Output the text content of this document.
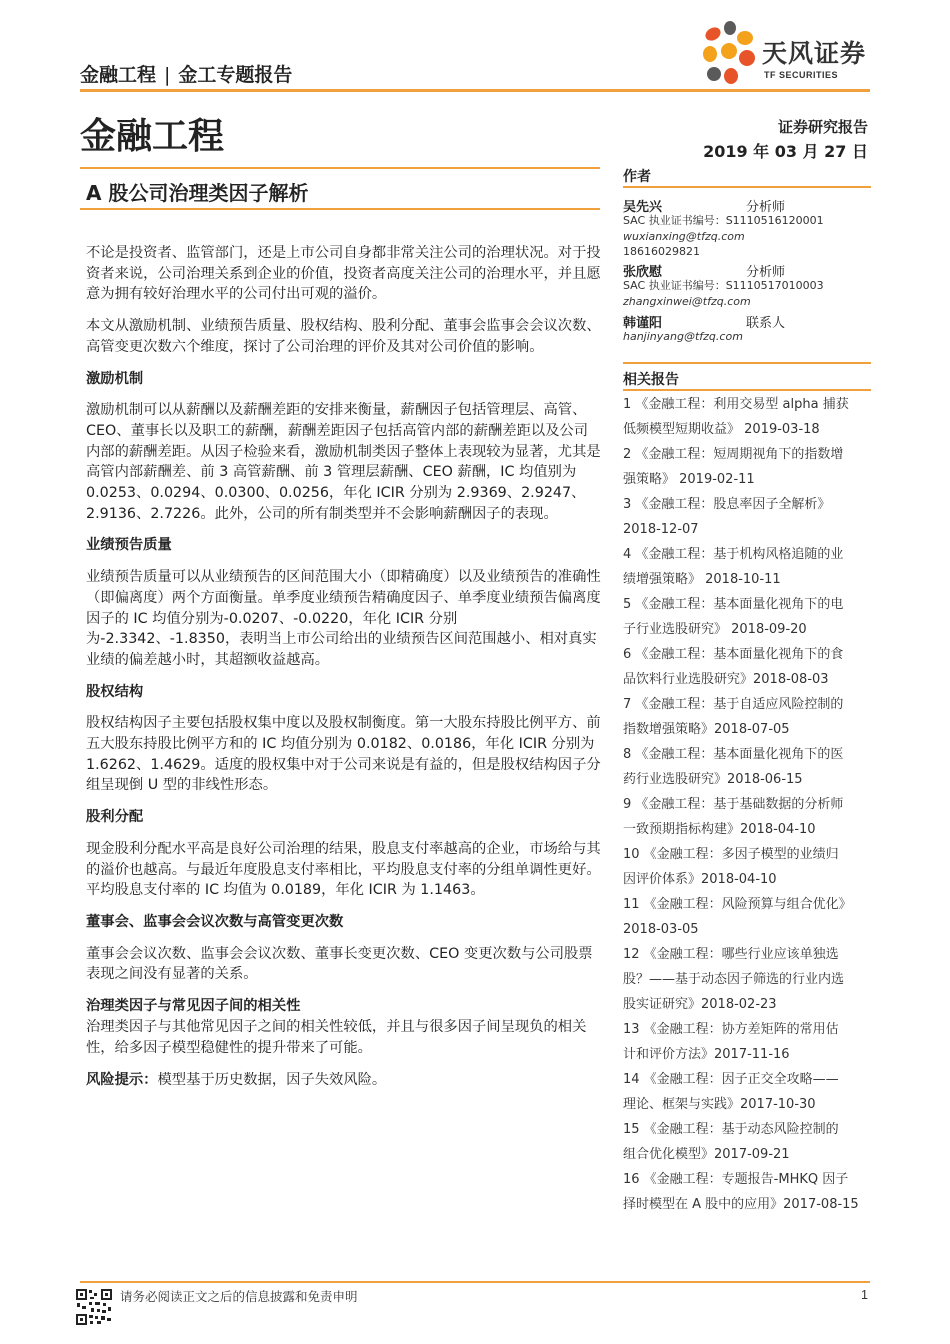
金融工程 | 金工专题报告
天风证券
TF SECURITIES
金融工程	证券研究报告
2019 年 03 月 27 日
A 股公司治理类因子解析

不论是投资者、监管部门，还是上市公司自身都非常关注公司的治理状况。对于投资者来说，公司治理关系到企业的价值，投资者高度关注公司的治理水平，并且愿意为拥有较好治理水平的公司付出可观的溢价。

本文从激励机制、业绩预告质量、股权结构、股利分配、董事会监事会会议次数、高管变更次数六个维度，探讨了公司治理的评价及其对公司价值的影响。

激励机制

激励机制可以从薪酬以及薪酬差距的安排来衡量，薪酬因子包括管理层、高管、CEO、董事长以及职工的薪酬，薪酬差距因子包括高管内部的薪酬差距以及公司内部的薪酬差距。从因子检验来看，激励机制类因子整体上表现较为显著，尤其是高管内部薪酬差、前 3 高管薪酬、前 3 管理层薪酬、CEO 薪酬，IC 均值别为 0.0253、0.0294、0.0300、0.0256，年化 ICIR 分别为 2.9369、2.9247、2.9136、2.7226。此外，公司的所有制类型并不会影响薪酬因子的表现。

业绩预告质量

业绩预告质量可以从业绩预告的区间范围大小（即精确度）以及业绩预告的准确性（即偏离度）两个方面衡量。单季度业绩预告精确度因子、单季度业绩预告偏离度因子的 IC 均值分别为-0.0207、-0.0220，年化 ICIR 分别为-2.3342、-1.8350，表明当上市公司给出的业绩预告区间范围越小、相对真实业绩的偏差越小时，其超额收益越高。

股权结构

股权结构因子主要包括股权集中度以及股权制衡度。第一大股东持股比例平方、前五大股东持股比例平方和的 IC 均值分别为 0.0182、0.0186，年化 ICIR 分别为 1.6262、1.4629。适度的股权集中对于公司来说是有益的，但是股权结构因子分组呈现倒 U 型的非线性形态。

股利分配

现金股利分配水平高是良好公司治理的结果，股息支付率越高的企业，市场给与其的溢价也越高。与最近年度股息支付率相比，平均股息支付率的分组单调性更好。平均股息支付率的 IC 均值为 0.0189，年化 ICIR 为 1.1463。

董事会、监事会会议次数与高管变更次数

董事会会议次数、监事会会议次数、董事长变更次数、CEO 变更次数与公司股票表现之间没有显著的关系。

治理类因子与常见因子间的相关性

治理类因子与其他常见因子之间的相关性较低，并且与很多因子间呈现负的相关性，给多因子模型稳健性的提升带来了可能。

风险提示：模型基于历史数据，因子失效风险。

作者
吴先兴	分析师
SAC 执业证书编号：S1110516120001
wuxianxing@tfzq.com
18616029821
张欣慰	分析师
SAC 执业证书编号：S1110517010003
zhangxinwei@tfzq.com
韩谨阳	联系人
hanjinyang@tfzq.com
相关报告
1 《金融工程：利用交易型 alpha 捕获
低频模型短期收益》 2019-03-18
2 《金融工程：短周期视角下的指数增
强策略》 2019-02-11
3 《金融工程：股息率因子全解析》
2018-12-07
4 《金融工程：基于机构风格追随的业
绩增强策略》 2018-10-11
5 《金融工程：基本面量化视角下的电
子行业选股研究》 2018-09-20
6 《金融工程：基本面量化视角下的食
品饮料行业选股研究》2018-08-03
7 《金融工程：基于自适应风险控制的
指数增强策略》2018-07-05
8 《金融工程：基本面量化视角下的医
药行业选股研究》2018-06-15
9 《金融工程：基于基础数据的分析师
一致预期指标构建》2018-04-10
10 《金融工程：多因子模型的业绩归
因评价体系》2018-04-10
11 《金融工程：风险预算与组合优化》
2018-03-05
12 《金融工程：哪些行业应该单独选
股？——基于动态因子筛选的行业内选
股实证研究》2018-02-23
13 《金融工程：协方差矩阵的常用估
计和评价方法》2017-11-16
14 《金融工程：因子正交全攻略——
理论、框架与实践》2017-10-30
15 《金融工程：基于动态风险控制的
组合优化模型》2017-09-21
16 《金融工程：专题报告-MHKQ 因子
择时模型在 A 股中的应用》2017-08-15
请务必阅读正文之后的信息披露和免责申明	1
